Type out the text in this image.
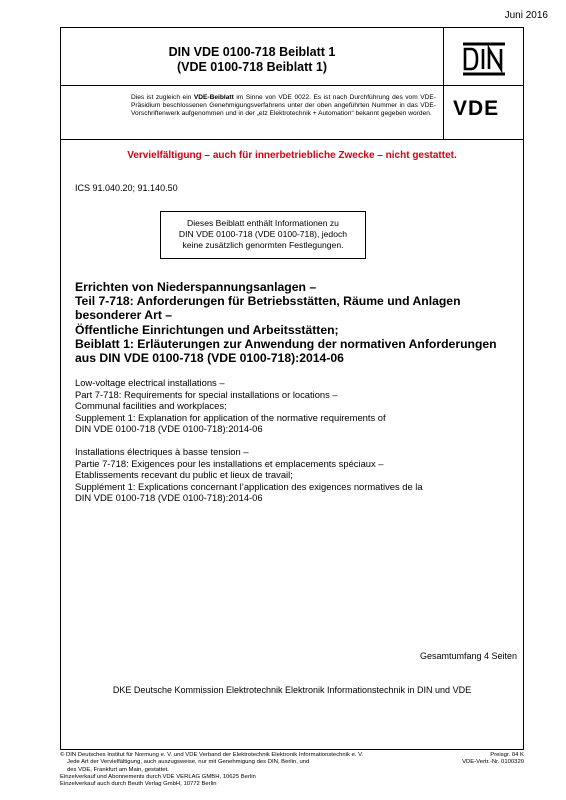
Juni 2016
DIN VDE 0100-718 Beiblatt 1
(VDE 0100-718 Beiblatt 1)
VDE
Dies ist zugleich ein VDE-Beiblatt im Sinne von VDE 0022. Es ist nach Durchführung des vom VDE-Präsidium beschlossenen Genehmigungsverfahrens unter der oben angeführten Nummer in das VDE-Vorschriftenwerk aufgenommen und in der „etz Elektrotechnik + Automation“ bekannt gegeben worden.
Vervielfältigung – auch für innerbetriebliche Zwecke – nicht gestattet.
ICS 91.040.20; 91.140.50
Dieses Beiblatt enthält Informationen zu
DIN VDE 0100-718 (VDE 0100-718), jedoch
keine zusätzlich genormten Festlegungen.
Errichten von Niederspannungsanlagen –
Teil 7-718: Anforderungen für Betriebsstätten, Räume und Anlagen
besonderer Art –
Öffentliche Einrichtungen und Arbeitsstätten;
Beiblatt 1: Erläuterungen zur Anwendung der normativen Anforderungen
aus DIN VDE 0100-718 (VDE 0100-718):2014-06
Low-voltage electrical installations –
Part 7-718: Requirements for special installations or locations –
Communal facilities and workplaces;
Supplement 1: Explanation for application of the normative requirements of
DIN VDE 0100-718 (VDE 0100-718):2014-06
Installations électriques à basse tension –
Partie 7-718: Exigences pour les installations et emplacements spéciaux –
Etablissements recevant du public et lieux de travail;
Supplément 1: Explications concernant l’application des exigences normatives de la
DIN VDE 0100-718 (VDE 0100-718):2014-06
Gesamtumfang 4 Seiten
DKE Deutsche Kommission Elektrotechnik Elektronik Informationstechnik in DIN und VDE
© DIN Deutsches Institut für Normung e. V. und VDE Verband der Elektrotechnik Elektronik Informationstechnik e. V.
Jede Art der Vervielfältigung, auch auszugsweise, nur mit Genehmigung des DIN, Berlin, und
des VDE, Frankfurt am Main, gestattet.
Einzelverkauf und Abonnements durch VDE VERLAG GMBH, 10625 Berlin
Einzelverkauf auch durch Beuth Verlag GmbH, 10772 Berlin
Preisgr. 04 K
VDE-Vertr.-Nr. 0100320
